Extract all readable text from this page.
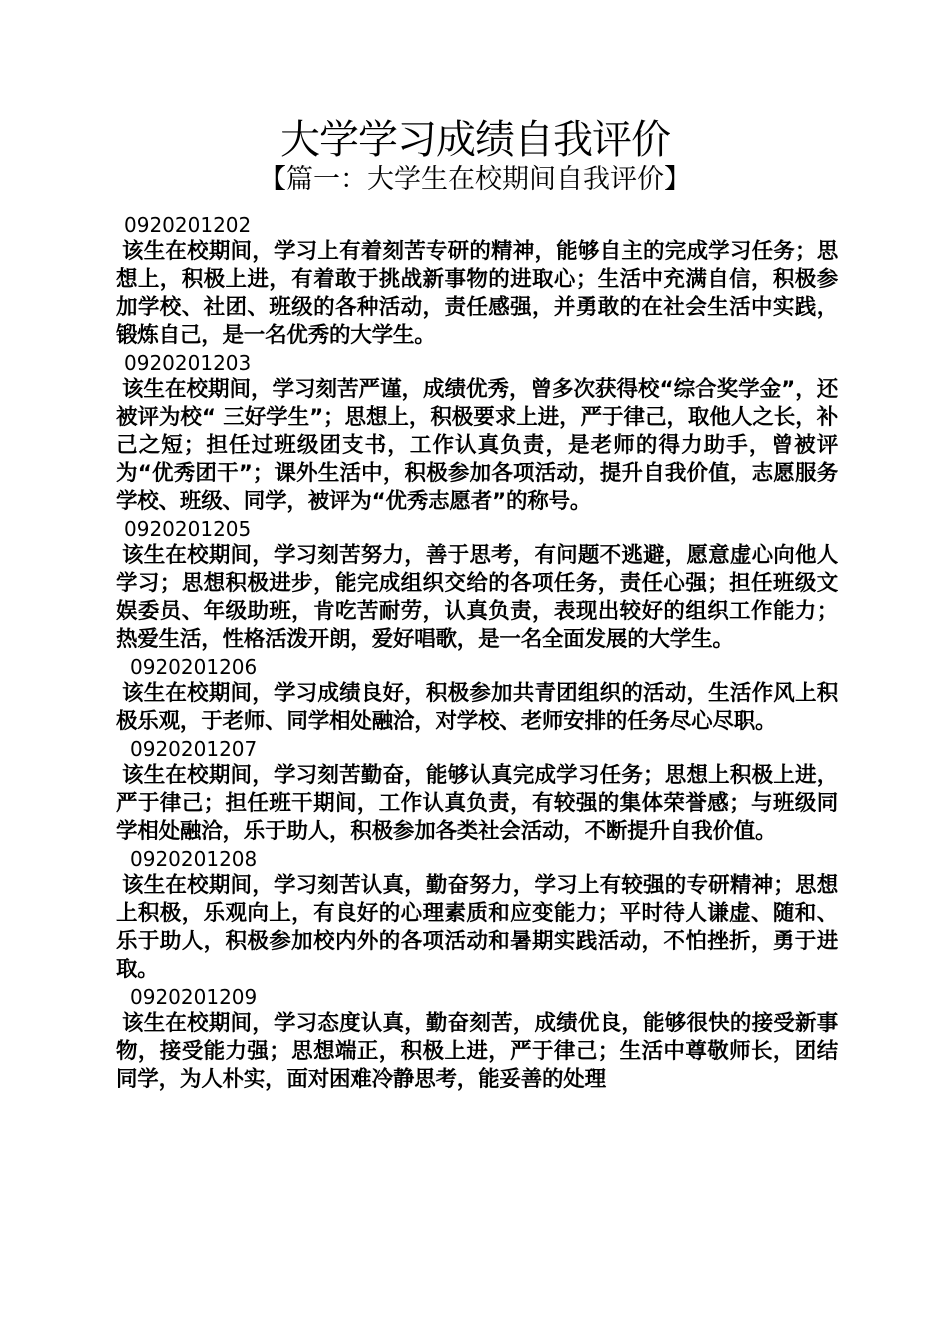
大学学习成绩自我评价
【篇一：大学生在校期间自我评价】
0920201202
该生在校期间，学习上有着刻苦专研的精神，能够自主的完成学习任务；思想上，积极上进，有着敢于挑战新事物的进取心；生活中充满自信，积极参加学校、社团、班级的各种活动，责任感强，并勇敢的在社会生活中实践，锻炼自己，是一名优秀的大学生。
0920201203
该生在校期间，学习刻苦严谨，成绩优秀，曾多次获得校“综合奖学金”，还被评为校“ 三好学生”；思想上，积极要求上进，严于律己，取他人之长，补己之短；担任过班级团支书，工作认真负责，是老师的得力助手，曾被评为“优秀团干”；课外生活中，积极参加各项活动，提升自我价值，志愿服务学校、班级、同学，被评为“优秀志愿者”的称号。
0920201205
该生在校期间，学习刻苦努力，善于思考，有问题不逃避，愿意虚心向他人学习；思想积极进步，能完成组织交给的各项任务，责任心强；担任班级文娱委员、年级助班，肯吃苦耐劳，认真负责，表现出较好的组织工作能力；热爱生活，性格活泼开朗，爱好唱歌，是一名全面发展的大学生。
0920201206
该生在校期间，学习成绩良好，积极参加共青团组织的活动，生活作风上积极乐观，于老师、同学相处融洽，对学校、老师安排的任务尽心尽职。
0920201207
该生在校期间，学习刻苦勤奋，能够认真完成学习任务；思想上积极上进，严于律己；担任班干期间，工作认真负责，有较强的集体荣誉感；与班级同学相处融洽，乐于助人，积极参加各类社会活动，不断提升自我价值。
0920201208
该生在校期间，学习刻苦认真，勤奋努力，学习上有较强的专研精神；思想上积极，乐观向上，有良好的心理素质和应变能力；平时待人谦虚、随和、乐于助人，积极参加校内外的各项活动和暑期实践活动，不怕挫折，勇于进取。
0920201209
该生在校期间，学习态度认真，勤奋刻苦，成绩优良，能够很快的接受新事物，接受能力强；思想端正，积极上进，严于律己；生活中尊敬师长，团结同学，为人朴实，面对困难冷静思考，能妥善的处理
